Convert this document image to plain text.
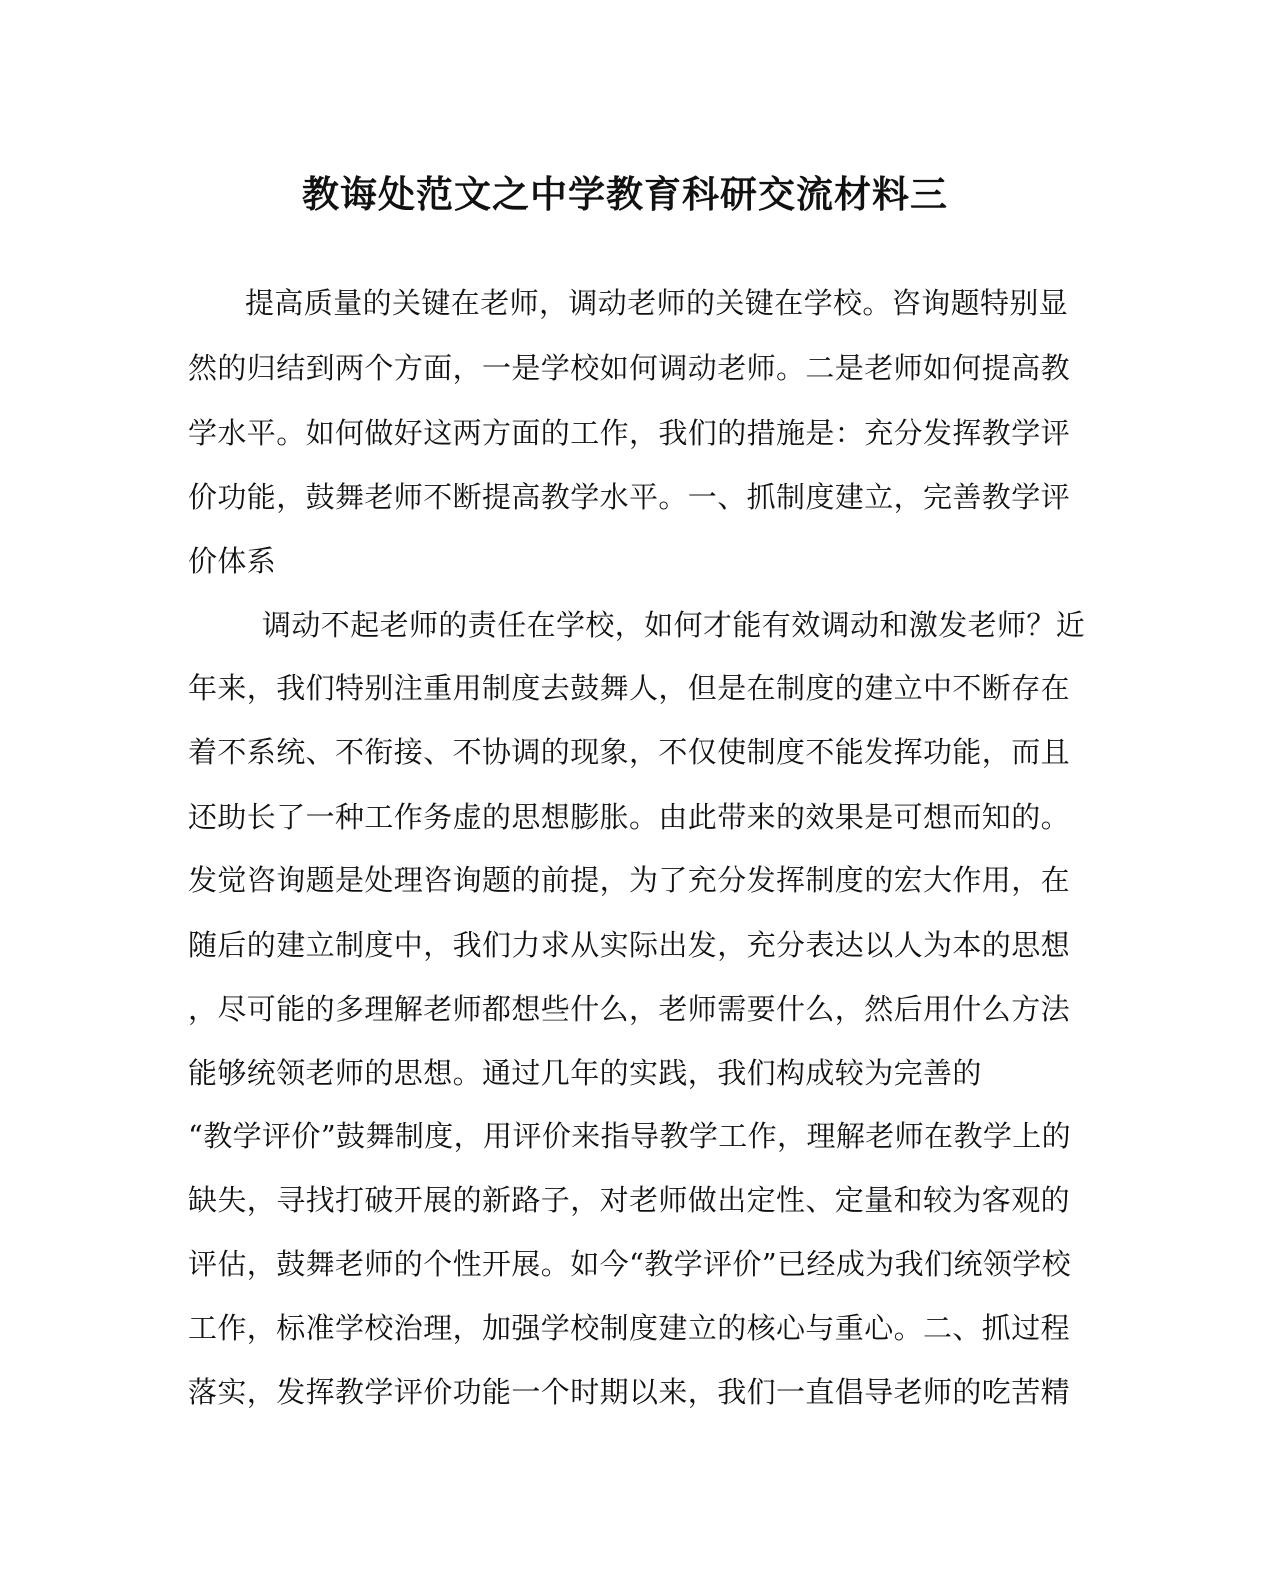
教诲处范文之中学教育科研交流材料三
提高质量的关键在老师，调动老师的关键在学校。咨询题特别显
然的归结到两个方面，一是学校如何调动老师。二是老师如何提高教
学水平。如何做好这两方面的工作，我们的措施是：充分发挥教学评
价功能，鼓舞老师不断提高教学水平。一、抓制度建立，完善教学评
价体系
调动不起老师的责任在学校，如何才能有效调动和激发老师？近
年来，我们特别注重用制度去鼓舞人，但是在制度的建立中不断存在
着不系统、不衔接、不协调的现象，不仅使制度不能发挥功能，而且
还助长了一种工作务虚的思想膨胀。由此带来的效果是可想而知的。
发觉咨询题是处理咨询题的前提，为了充分发挥制度的宏大作用，在
随后的建立制度中，我们力求从实际出发，充分表达以人为本的思想
，尽可能的多理解老师都想些什么，老师需要什么，然后用什么方法
能够统领老师的思想。通过几年的实践，我们构成较为完善的
“教学评价”鼓舞制度，用评价来指导教学工作，理解老师在教学上的
缺失，寻找打破开展的新路子，对老师做出定性、定量和较为客观的
评估，鼓舞老师的个性开展。如今“教学评价”已经成为我们统领学校
工作，标准学校治理，加强学校制度建立的核心与重心。二、抓过程
落实，发挥教学评价功能一个时期以来，我们一直倡导老师的吃苦精
